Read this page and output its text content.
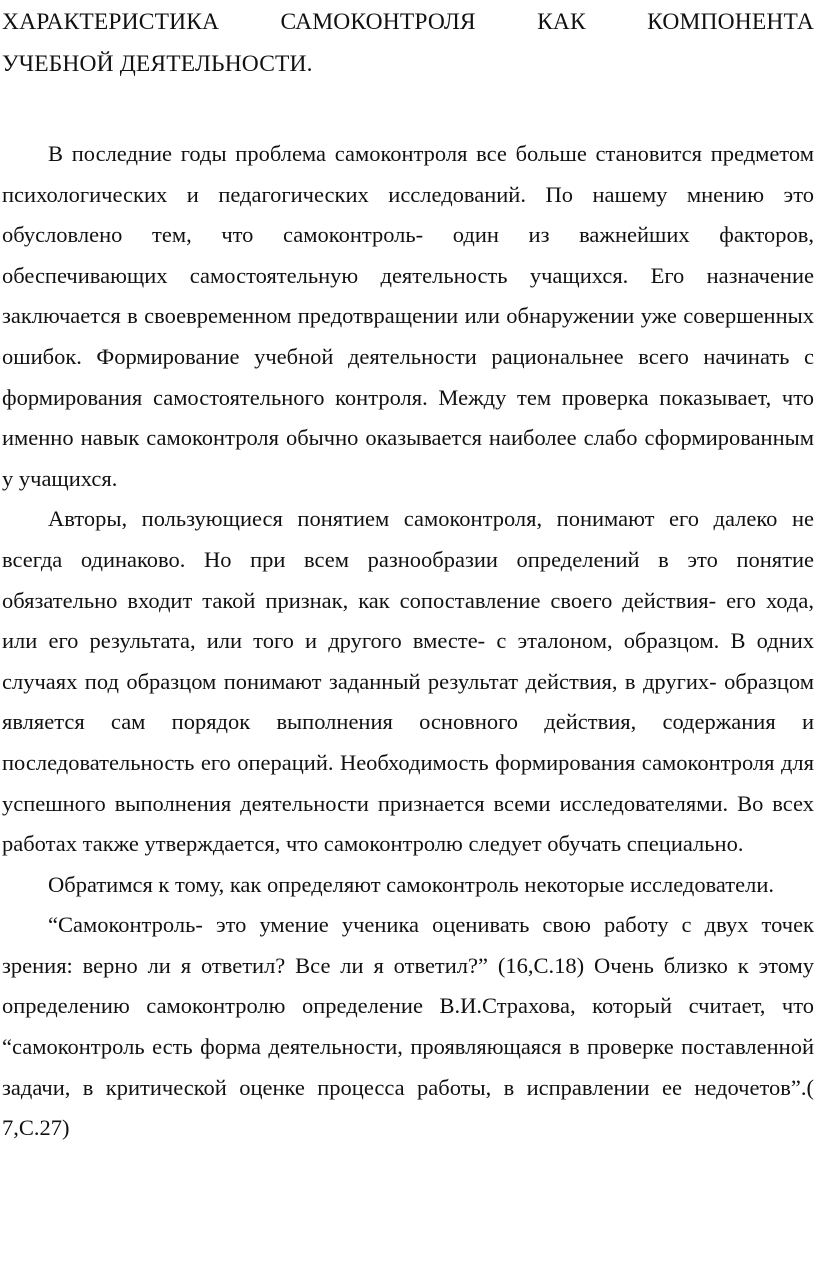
ХАРАКТЕРИСТИКА САМОКОНТРОЛЯ КАК КОМПОНЕНТА
УЧЕБНОЙ ДЕЯТЕЛЬНОСТИ.

В последние годы проблема самоконтроля все больше становится предметом психологических и педагогических исследований. По нашему мнению это обусловлено тем, что самоконтроль- один из важнейших факторов, обеспечивающих самостоятельную деятельность учащихся. Его назначение заключается в своевременном предотвращении или обнаружении уже совершенных ошибок. Формирование учебной деятельности рациональнее всего начинать с формирования самостоятельного контроля. Между тем проверка показывает, что именно навык самоконтроля обычно оказывается наиболее слабо сформированным у учащихся.

Авторы, пользующиеся понятием самоконтроля, понимают его далеко не всегда одинаково. Но при всем разнообразии определений в это понятие обязательно входит такой признак, как сопоставление своего действия- его хода, или его результата, или того и другого вместе- с эталоном, образцом. В одних случаях под образцом понимают заданный результат действия, в других- образцом является сам порядок выполнения основного действия, содержания и последовательность его операций. Необходимость формирования самоконтроля для успешного выполнения деятельности признается всеми исследователями. Во всех работах также утверждается, что самоконтролю следует обучать специально.

Обратимся к тому, как определяют самоконтроль некоторые исследователи.

“Самоконтроль- это умение ученика оценивать свою работу с двух точек зрения: верно ли я ответил? Все ли я ответил?” (16,С.18) Очень близко к этому определению самоконтролю определение В.И.Страхова, который считает, что “самоконтроль есть форма деятельности, проявляющаяся в проверке поставленной задачи, в критической оценке процесса работы, в исправлении ее недочетов”.( 7,С.27)
